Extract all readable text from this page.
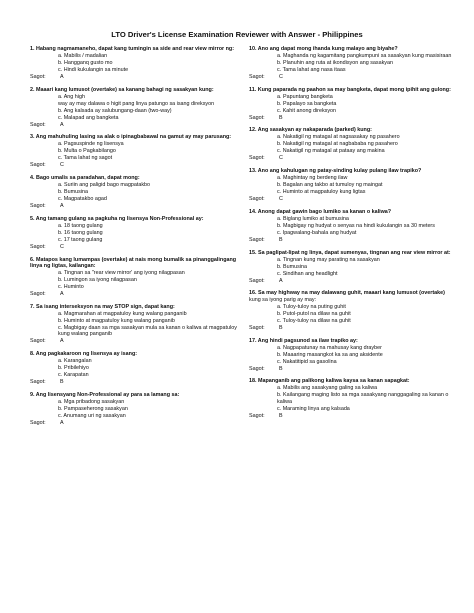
LTO Driver's License Examination Reviewer with Answer - Philippines
1. Habang nagmamaneho, dapat kang tumingin sa side and rear view mirror ng:
a. Mabilis / madalian
b. Hangganq gusto mo
c. Hindi kukulangin sa minute
Sagot:	A
2. Maaari kang lumusot (overtake) sa kanang bahagi ng sasakyan kung:
a. Ang high
way ay may dalawa o higit pang linya patungo sa isang direksyon
b. Ang kalsada ay salubungang-daan (two-way)
c. Malapad ang bangketa
Sagot:	A
3. Ang mahuhuling lasing sa alak o ipinagbabawal na gamut ay may parusang:
a. Pagsuspinde ng lisensya
b. Multa o Pagkabilango
c. Tama lahat ng sagot
Sagot:	C
4. Bago umalis sa paradahan, dapat mong:
a. Suriin ang paligid bago magpatakbo
b. Bumusina
c. Magpatakbo agad
Sagot:	A
5. Ang tamang gulang sa pagkuha ng lisensya Non-Professional ay:
a. 18 taong gulang
b. 16 taong gulang
c. 17 taong gulang
Sagot:	C
6. Matapos kang lumampas (overtake) at nais mong bumalik sa pinanggalingang linya ng ligtas, kailangan:
a. Tingnan sa "rear view mirror' ang iyong nilagpasan
b. Lumingon sa iyong nilagpasan
c. Huminto
Sagot:	A
7. Sa isang interseksyon na may STOP sign, dapat kang:
a. Magmarahan at magpatuloy kung walang panganib
b. Huminto at magpatuloy kung walang panganib
c. Magbigay daan sa mga sasakyan mula sa kanan o kaliwa at magpatuloy kung walang panganib
Sagot:	A
8. Ang pagkakaroon ng lisensya ay isang:
a. Karangalan
b. Pribilehiyo
c. Karapatan
Sagot:	B
9. Ang lisensyang Non-Professional ay para sa lamang sa:
a. Mga pribadong sasakyan
b. Pampaseherong sasakyan
c. Anumang uri ng sasakyan
Sagot:	A
10. Ano ang dapat mong ihanda kung malayo ang biyahe?
a. Maghanda ng kagamitang pangkumpuni sa sasakyan kung masisiraan
b. Planuhin ang ruta at ikondisyon ang sasakyan
c. Tama lahat ang nasa itaas
Sagot:	C
11. Kung paparada ng paahon sa may bangketa, dapat mong ipihit ang gulong:
a. Papuntang bangketa
b. Papalayo sa bangketa
c. Kahit anong direksyon
Sagot:	B
12. Ang sasakyan ay nakaparada (parked) kung:
a. Nakatigil ng matagal at nagsasakay ng pasahero
b. Nakatigil ng matagal at nagbababa ng pasahero
c. Nakatigil ng matagal at pataay ang makina
Sagot:	C
13. Ano ang kahulugan ng patay-sinding kulay pulang ilaw trapiko?
a. Maghintay ng berdeng ilaw
b. Bagalan ang takbo at tumuloy ng maingat
c. Huminto at magpatuloy kung ligtas
Sagot:	C
14. Anong dapat gawin bago lumiko sa kanan o kaliwa?
a. Biglang lumiko at bumusina
b. Magbigay ng hudyat o senyas na hindi kukulangin sa 30 meters
c. Ipagwalang-bahala ang hudyat
Sagot:	B
15. Sa paglipat-lipat ng linya, dapat sumenyas, tingnan ang rear view mirror at:
a. Tingnan kung may parating na sasakyan
b. Bumusina
c. Sindihan ang headlight
Sagot:	A
16. Sa may highway na may dalawang guhit, maaari kang lumusot (overtake)
kung sa iyong parig ay may:
a. Tuloy-tuloy na puting guhit
b. Putol-putol na dilaw na guhit
c. Tuloy-tuloy na dilaw na guhit
Sagot:	B
17. Ang hindi pagsunod sa ilaw trapiko ay:
a. Nagpapatunay na mahusay kang drayber
b. Maaaring masangkot ka sa ang aksidente
c. Nakatitipid sa gasolina
Sagot:	B
18. Mapanganib ang palikong kaliwa kaysa sa kanan sapagkat:
a. Mabilis ang sasakyang galing sa kaliwa
b. Kailangang maging listo sa mga sasakyang nanggagaling sa kanan o kaliwa
c. Maraming linya ang kalsada
Sagot:	B
